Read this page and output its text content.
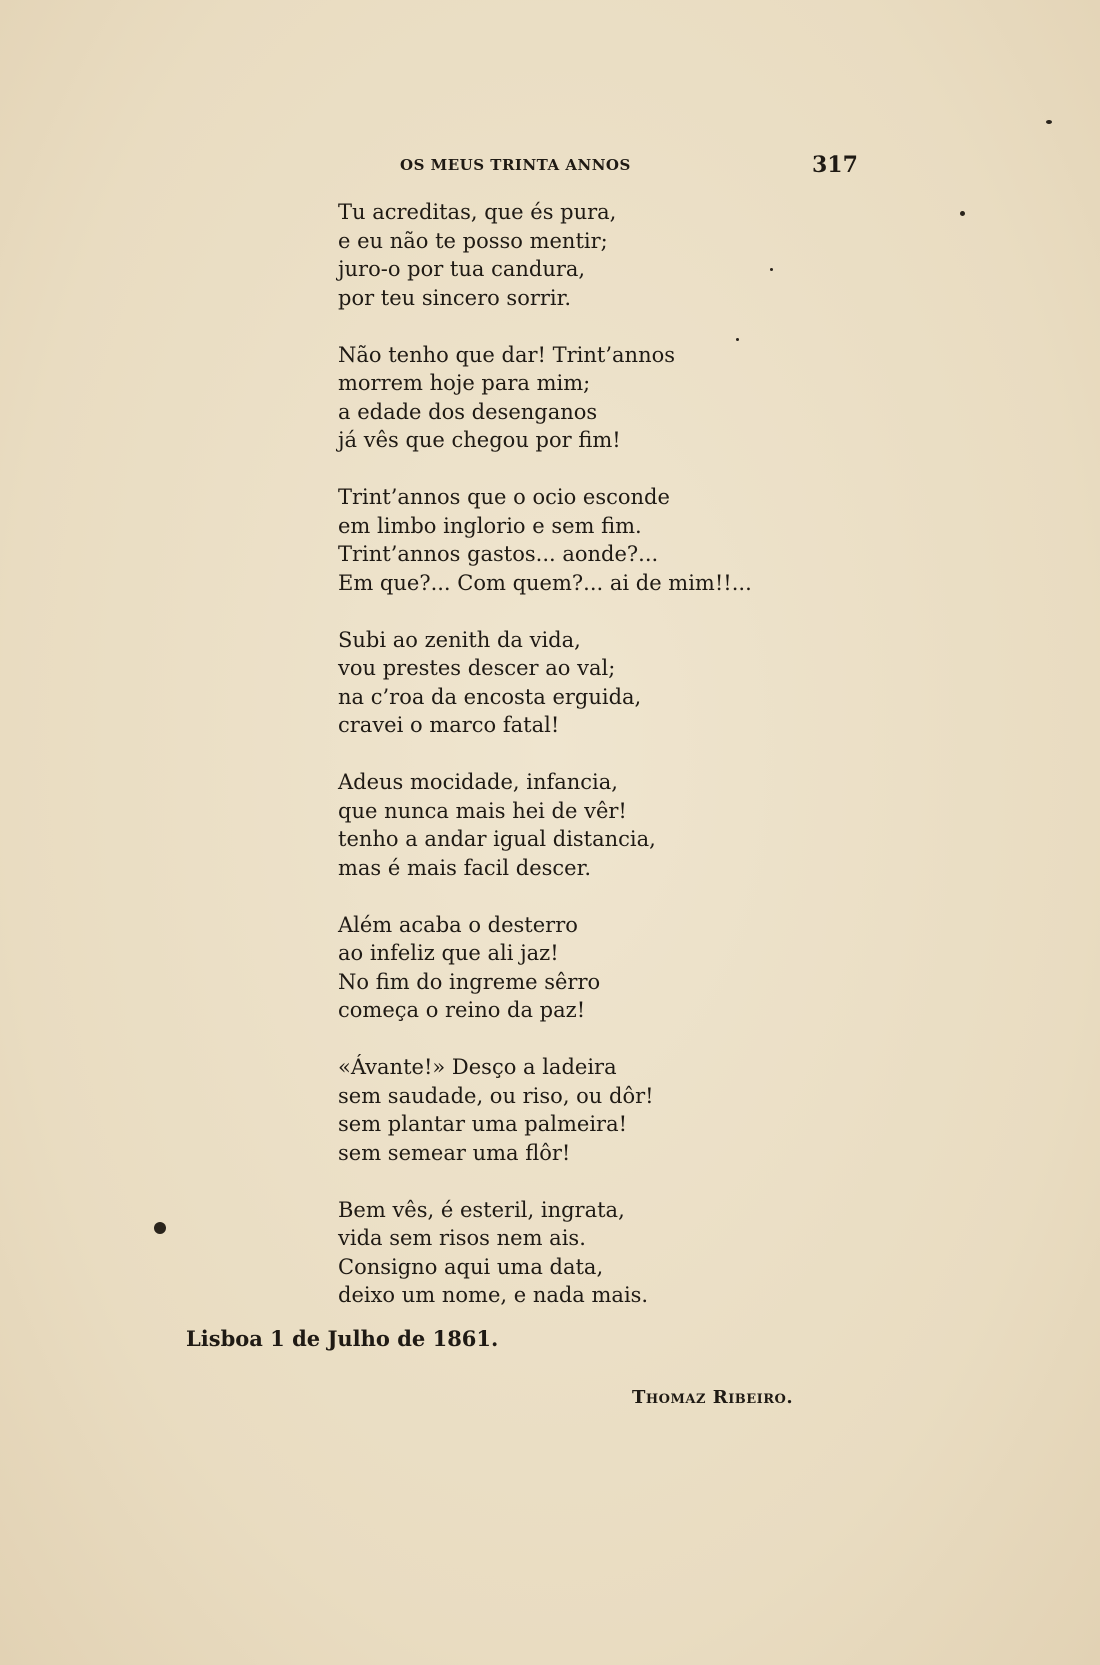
OS MEUS TRINTA ANNOS	317
Tu acreditas, que és pura,
e eu não te posso mentir;
juro-o por tua candura,
por teu sincero sorrir.
Não tenho que dar! Trint’annos
morrem hoje para mim;
a edade dos desenganos
já vês que chegou por fim!
Trint’annos que o ocio esconde
em limbo inglorio e sem fim.
Trint’annos gastos... aonde?...
Em que?... Com quem?... ai de mim!!...
Subi ao zenith da vida,
vou prestes descer ao val;
na c’roa da encosta erguida,
cravei o marco fatal!
Adeus mocidade, infancia,
que nunca mais hei de vêr!
tenho a andar igual distancia,
mas é mais facil descer.
Além acaba o desterro
ao infeliz que ali jaz!
No fim do ingreme sêrro
começa o reino da paz!
«Ávante!» Desço a ladeira
sem saudade, ou riso, ou dôr!
sem plantar uma palmeira!
sem semear uma flôr!
Bem vês, é esteril, ingrata,
vida sem risos nem ais.
Consigno aqui uma data,
deixo um nome, e nada mais.
Lisboa 1 de Julho de 1861.
Thomaz Ribeiro.
